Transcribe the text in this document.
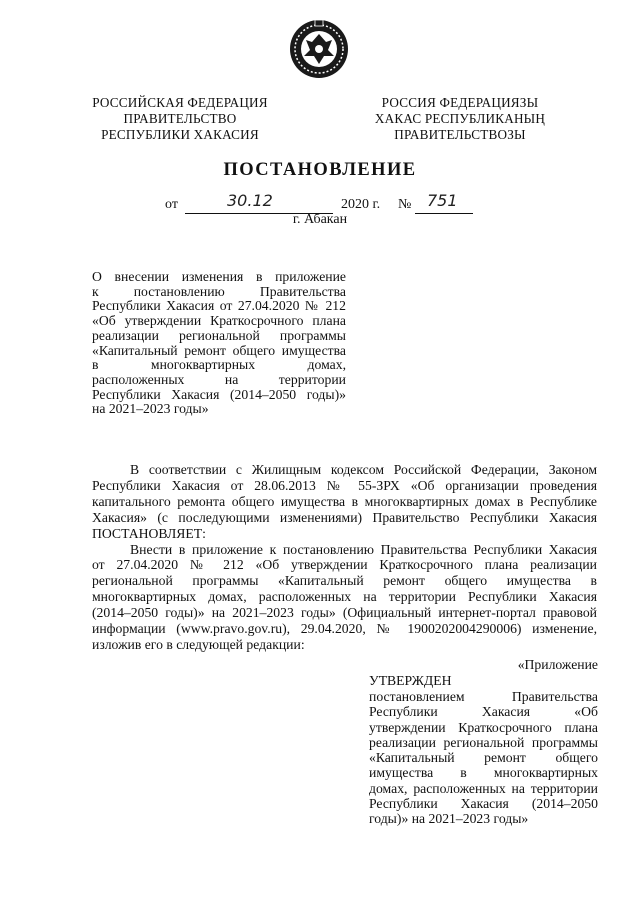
РОССИЙСКАЯ ФЕДЕРАЦИЯ
ПРАВИТЕЛЬСТВО
РЕСПУБЛИКИ ХАКАСИЯ
РОССИЯ ФЕДЕРАЦИЯЗЫ
ХАКАС РЕСПУБЛИКАНЫҢ
ПРАВИТЕЛЬСТВОЗЫ
ПОСТАНОВЛЕНИЕ
от	30.12	2020 г. № 751
г. Абакан
О внесении изменения в приложение
к постановлению Правительства
Республики Хакасия от 27.04.2020 № 212
«Об утверждении Краткосрочного плана
реализации региональной программы
«Капитальный ремонт общего имущества
в многоквартирных домах,
расположенных на территории
Республики Хакасия (2014–2050 годы)»
на 2021–2023 годы»
В соответствии с Жилищным кодексом Российской Федерации, Законом
Республики Хакасия от 28.06.2013 № 55-ЗРХ «Об организации проведения
капитального ремонта общего имущества в многоквартирных домах в Республике
Хакасия» (с последующими изменениями) Правительство Республики Хакасия
ПОСТАНОВЛЯЕТ:
Внести в приложение к постановлению Правительства Республики Хакасия
от 27.04.2020 № 212 «Об утверждении Краткосрочного плана реализации
региональной программы «Капитальный ремонт общего имущества в
многоквартирных домах, расположенных на территории Республики Хакасия
(2014–2050 годы)» на 2021–2023 годы» (Официальный интернет-портал правовой
информации (www.pravo.gov.ru), 29.04.2020, № 1900202004290006) изменение,
изложив его в следующей редакции:
«Приложение
УТВЕРЖДЕН
постановлением Правительства
Республики Хакасия «Об
утверждении Краткосрочного плана
реализации региональной программы
«Капитальный ремонт общего
имущества в многоквартирных
домах, расположенных на территории
Республики Хакасия (2014–2050
годы)» на 2021–2023 годы»
